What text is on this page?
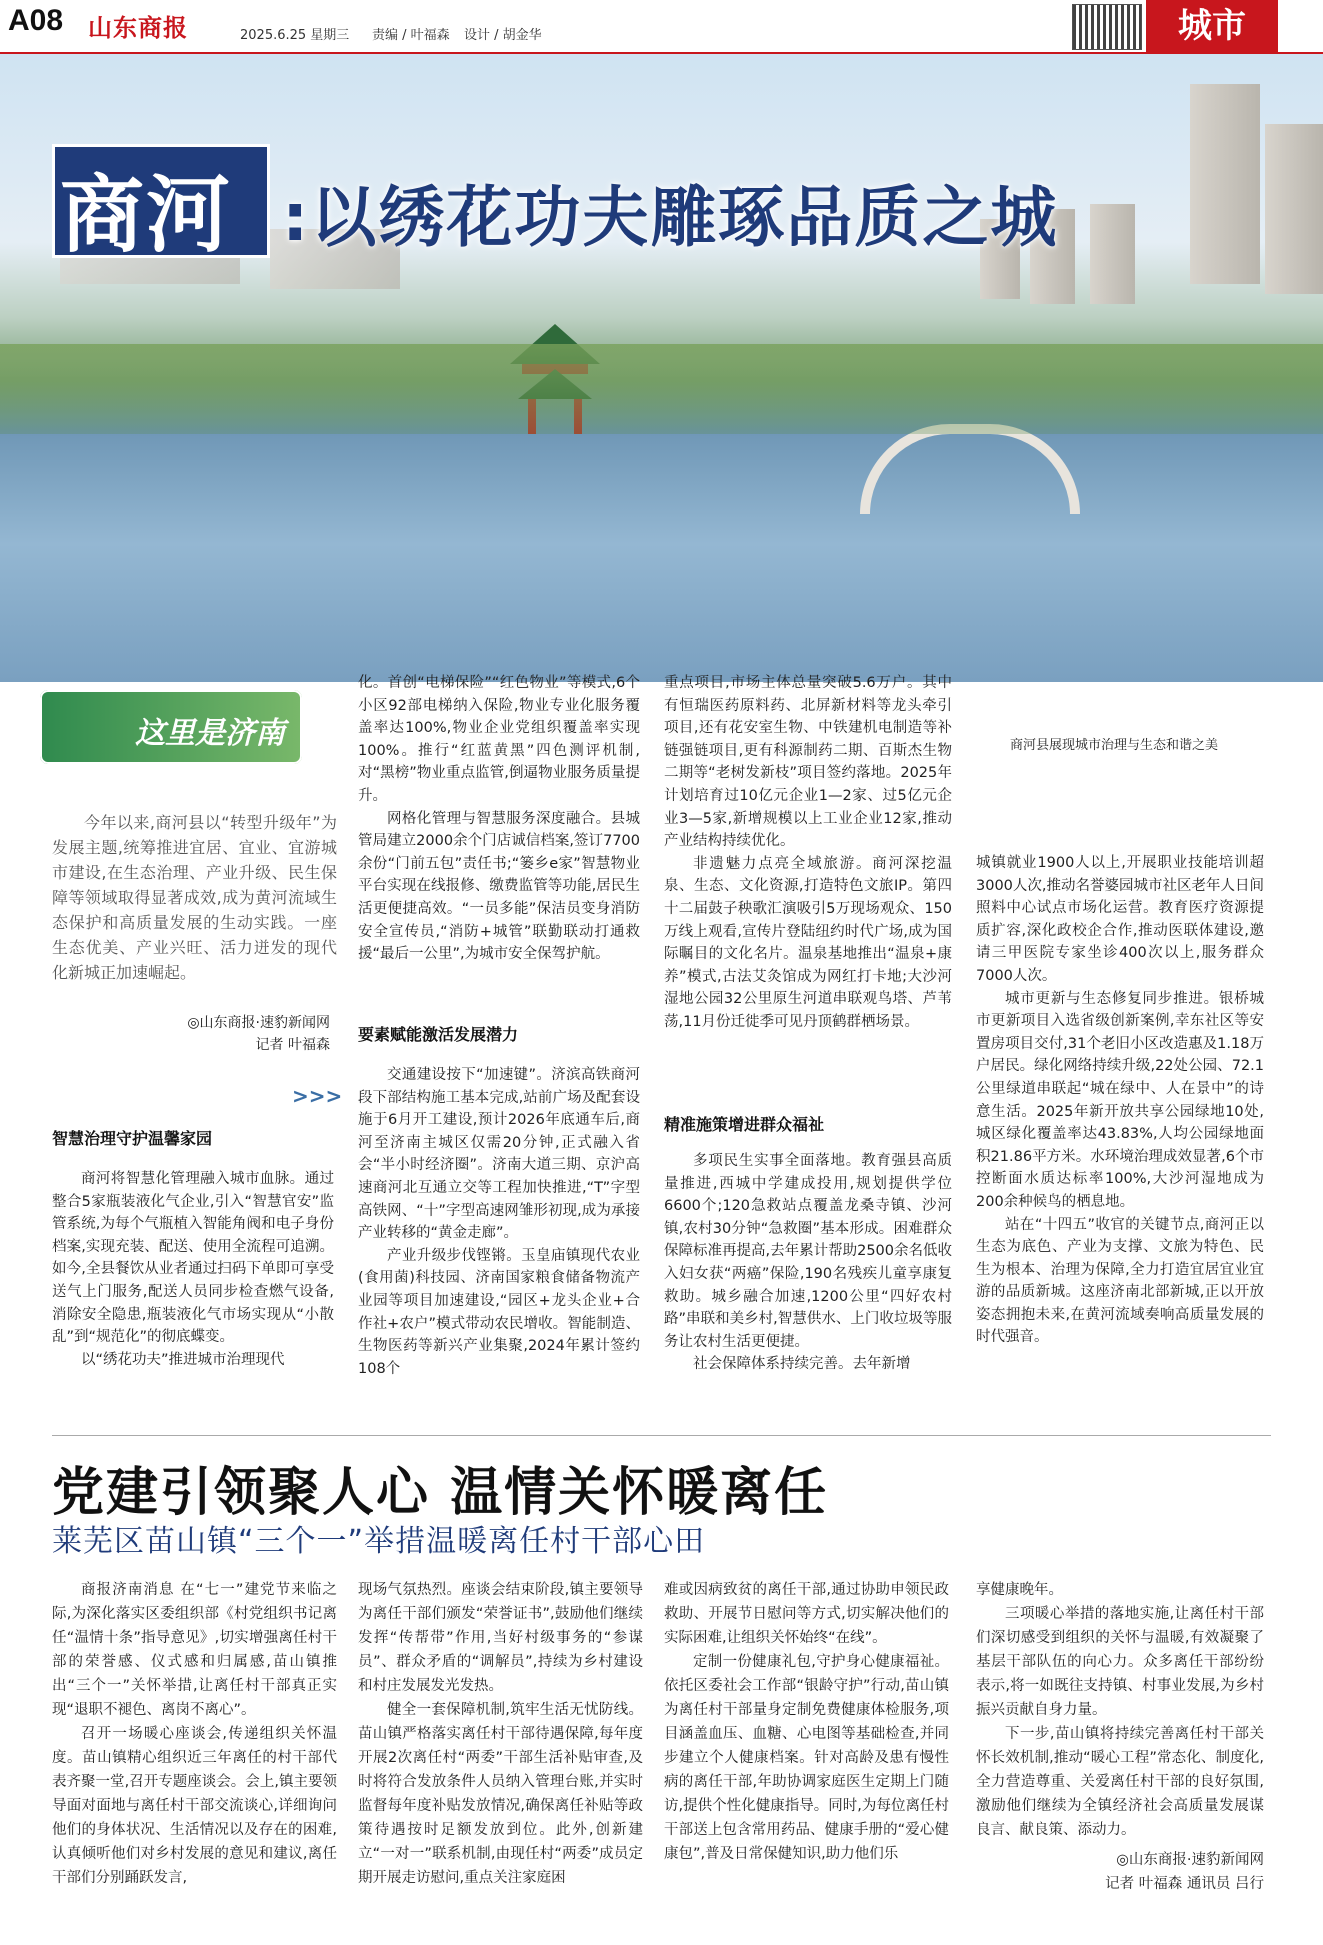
A08 山东商报	2025.6.25 星期三 责编 / 叶福森 设计 / 胡金华	城市
商河 :以绣花功夫雕琢品质之城
这里是济南	商河县展现城市治理与生态和谐之美
今年以来,商河县以“转型升级年”为发展主题,统筹推进宜居、宜业、宜游城市建设,在生态治理、产业升级、民生保障等领域取得显著成效,成为黄河流域生态保护和高质量发展的生动实践。一座生态优美、产业兴旺、活力迸发的现代化新城正加速崛起。
◎山东商报·速豹新闻网
记者 叶福森
>>>
智慧治理守护温馨家园

商河将智慧化管理融入城市血脉。通过整合5家瓶装液化气企业,引入“智慧官安”监管系统,为每个气瓶植入智能角阀和电子身份档案,实现充装、配送、使用全流程可追溯。如今,全县餐饮从业者通过扫码下单即可享受送气上门服务,配送人员同步检查燃气设备,消除安全隐患,瓶装液化气市场实现从“小散乱”到“规范化”的彻底蝶变。

以“绣花功夫”推进城市治理现代

化。首创“电梯保险”“红色物业”等模式,6个小区92部电梯纳入保险,物业专业化服务覆盖率达100%,物业企业党组织覆盖率实现100%。推行“红蓝黄黑”四色测评机制,对“黑榜”物业重点监管,倒逼物业服务质量提升。

网格化管理与智慧服务深度融合。县城管局建立2000余个门店诚信档案,签订7700余份“门前五包”责任书;“篓乡e家”智慧物业平台实现在线报修、缴费监管等功能,居民生活更便捷高效。“一员多能”保洁员变身消防安全宣传员,“消防+城管”联勤联动打通救援“最后一公里”,为城市安全保驾护航。

要素赋能激活发展潜力

交通建设按下“加速键”。济滨高铁商河段下部结构施工基本完成,站前广场及配套设施于6月开工建设,预计2026年底通车后,商河至济南主城区仅需20分钟,正式融入省会“半小时经济圈”。济南大道三期、京沪高速商河北互通立交等工程加快推进,“T”字型高铁网、“十”字型高速网雏形初现,成为承接产业转移的“黄金走廊”。

产业升级步伐铿锵。玉皇庙镇现代农业(食用菌)科技园、济南国家粮食储备物流产业园等项目加速建设,“园区+龙头企业+合作社+农户”模式带动农民增收。智能制造、生物医药等新兴产业集聚,2024年累计签约108个

重点项目,市场主体总量突破5.6万户。其中有恒瑞医药原料药、北屏新材料等龙头牵引项目,还有花安室生物、中铁建机电制造等补链强链项目,更有科源制药二期、百斯杰生物二期等“老树发新枝”项目签约落地。2025年计划培育过10亿元企业1—2家、过5亿元企业3—5家,新增规模以上工业企业12家,推动产业结构持续优化。

非遗魅力点亮全域旅游。商河深挖温泉、生态、文化资源,打造特色文旅IP。第四十二届鼓子秧歌汇演吸引5万现场观众、150万线上观看,宣传片登陆纽约时代广场,成为国际瞩目的文化名片。温泉基地推出“温泉+康养”模式,古法艾灸馆成为网红打卡地;大沙河湿地公园32公里原生河道串联观鸟塔、芦苇荡,11月份迁徙季可见丹顶鹤群栖场景。

精准施策增进群众福祉

多项民生实事全面落地。教育强县高质量推进,西城中学建成投用,规划提供学位6600个;120急救站点覆盖龙桑寺镇、沙河镇,农村30分钟“急救圈”基本形成。困难群众保障标准再提高,去年累计帮助2500余名低收入妇女获“两癌”保险,190名残疾儿童享康复救助。城乡融合加速,1200公里“四好农村路”串联和美乡村,智慧供水、上门收垃圾等服务让农村生活更便捷。

社会保障体系持续完善。去年新增

城镇就业1900人以上,开展职业技能培训超3000人次,推动名誉婆园城市社区老年人日间照料中心试点市场化运营。教育医疗资源提质扩容,深化政校企合作,推动医联体建设,邀请三甲医院专家坐诊400次以上,服务群众7000人次。

城市更新与生态修复同步推进。银桥城市更新项目入选省级创新案例,幸东社区等安置房项目交付,31个老旧小区改造惠及1.18万户居民。绿化网络持续升级,22处公园、72.1公里绿道串联起“城在绿中、人在景中”的诗意生活。2025年新开放共享公园绿地10处,城区绿化覆盖率达43.83%,人均公园绿地面积21.86平方米。水环境治理成效显著,6个市控断面水质达标率100%,大沙河湿地成为200余种候鸟的栖息地。

站在“十四五”收官的关键节点,商河正以生态为底色、产业为支撑、文旅为特色、民生为根本、治理为保障,全力打造宜居宜业宜游的品质新城。这座济南北部新城,正以开放姿态拥抱未来,在黄河流域奏响高质量发展的时代强音。

党建引领聚人心 温情关怀暖离任
莱芜区苗山镇“三个一”举措温暖离任村干部心田

商报济南消息 在“七一”建党节来临之际,为深化落实区委组织部《村党组织书记离任“温情十条”指导意见》,切实增强离任村干部的荣誉感、仪式感和归属感,苗山镇推出“三个一”关怀举措,让离任村干部真正实现“退职不褪色、离岗不离心”。

召开一场暖心座谈会,传递组织关怀温度。苗山镇精心组织近三年离任的村干部代表齐聚一堂,召开专题座谈会。会上,镇主要领导面对面地与离任村干部交流谈心,详细询问他们的身体状况、生活情况以及存在的困难,认真倾听他们对乡村发展的意见和建议,离任干部们分别踊跃发言,

现场气氛热烈。座谈会结束阶段,镇主要领导为离任干部们颁发“荣誉证书”,鼓励他们继续发挥“传帮带”作用,当好村级事务的“参谋员”、群众矛盾的“调解员”,持续为乡村建设和村庄发展发光发热。

健全一套保障机制,筑牢生活无忧防线。苗山镇严格落实离任村干部待遇保障,每年度开展2次离任村“两委”干部生活补贴审查,及时将符合发放条件人员纳入管理台账,并实时监督每年度补贴发放情况,确保离任补贴等政策待遇按时足额发放到位。此外,创新建立“一对一”联系机制,由现任村“两委”成员定期开展走访慰问,重点关注家庭困

难或因病致贫的离任干部,通过协助申领民政救助、开展节日慰问等方式,切实解决他们的实际困难,让组织关怀始终“在线”。

定制一份健康礼包,守护身心健康福祉。依托区委社会工作部“银龄守护”行动,苗山镇为离任村干部量身定制免费健康体检服务,项目涵盖血压、血糖、心电图等基础检查,并同步建立个人健康档案。针对高龄及患有慢性病的离任干部,年助协调家庭医生定期上门随访,提供个性化健康指导。同时,为每位离任村干部送上包含常用药品、健康手册的“爱心健康包”,普及日常保健知识,助力他们乐

享健康晚年。

三项暖心举措的落地实施,让离任村干部们深切感受到组织的关怀与温暖,有效凝聚了基层干部队伍的向心力。众多离任干部纷纷表示,将一如既往支持镇、村事业发展,为乡村振兴贡献自身力量。

下一步,苗山镇将持续完善离任村干部关怀长效机制,推动“暖心工程”常态化、制度化,全力营造尊重、关爱离任村干部的良好氛围,激励他们继续为全镇经济社会高质量发展谋良言、献良策、添动力。

◎山东商报·速豹新闻网
记者 叶福森 通讯员 吕行
